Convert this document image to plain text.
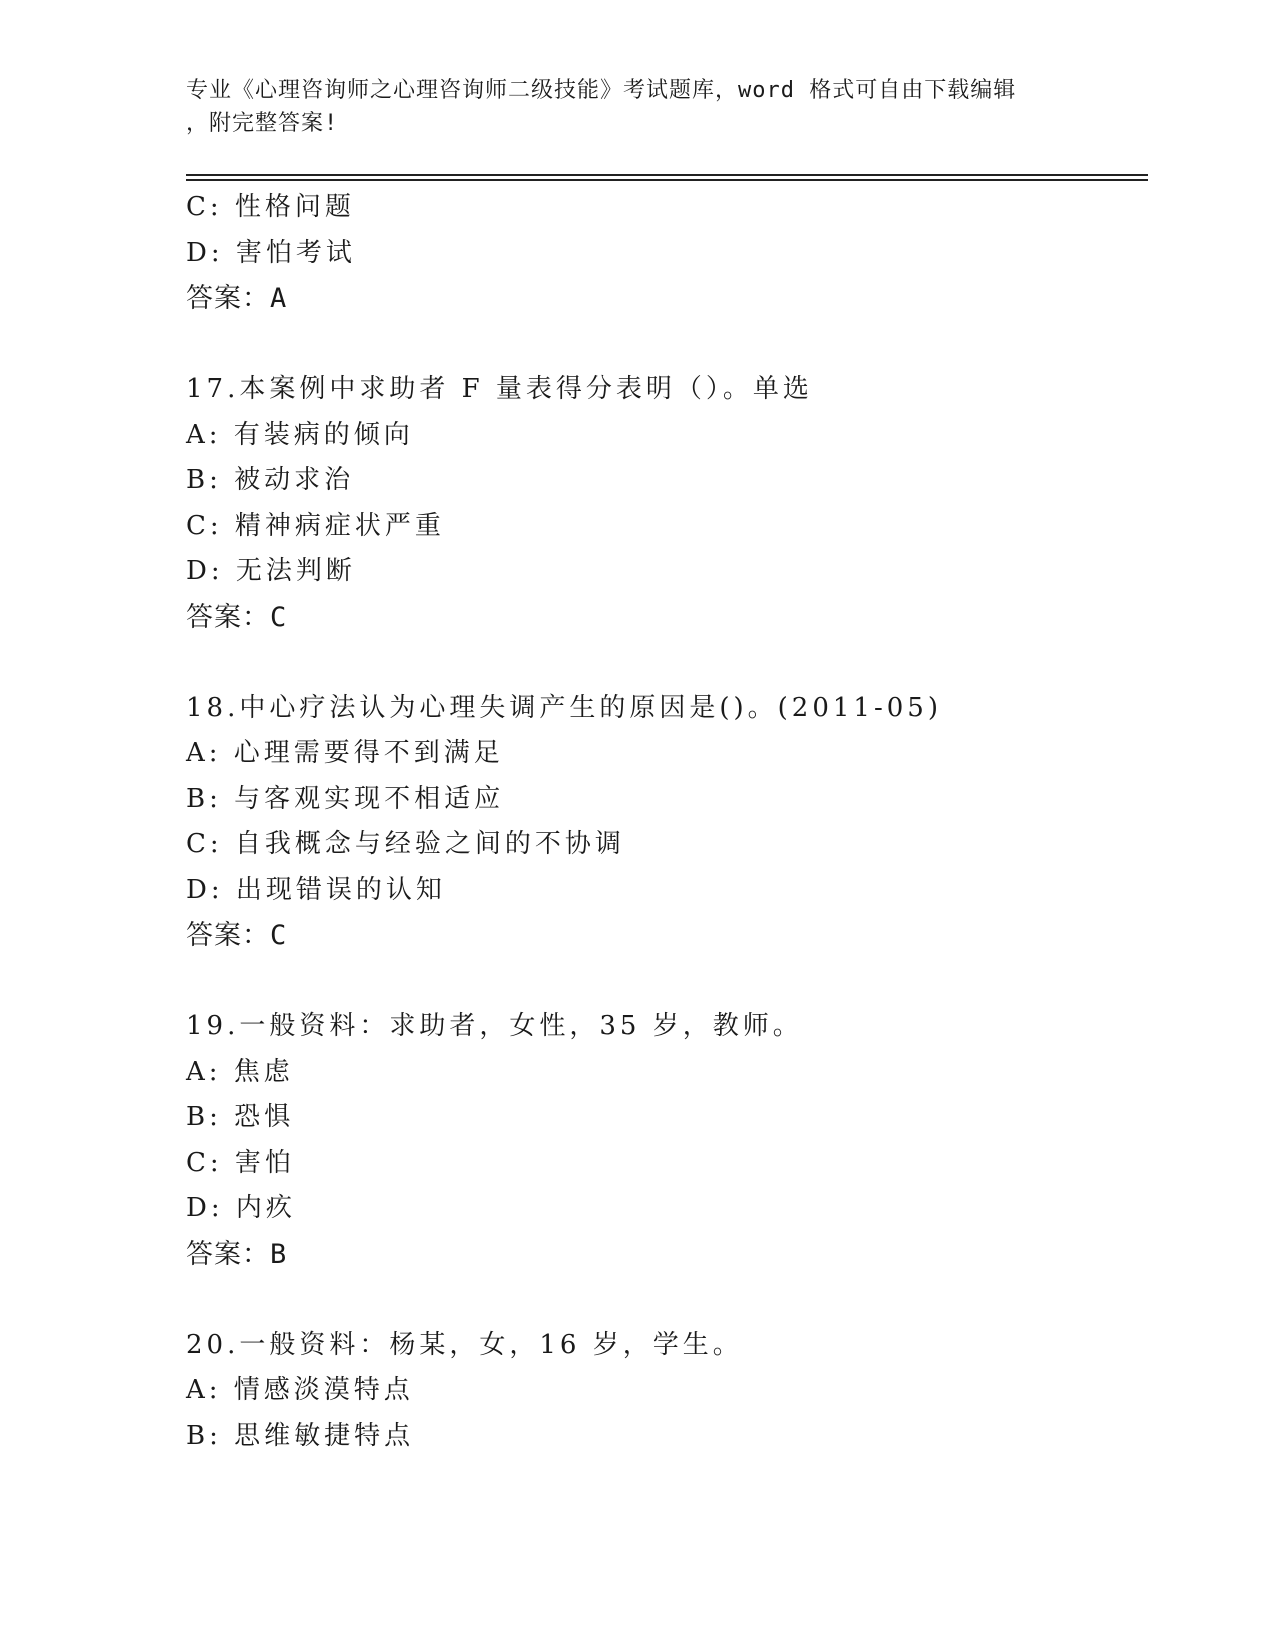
专业《心理咨询师之心理咨询师二级技能》考试题库，word 格式可自由下载编辑
，附完整答案!
C: 性格问题
D: 害怕考试
答案：A
17.本案例中求助者 F 量表得分表明（）。单选
A: 有装病的倾向
B: 被动求治
C: 精神病症状严重
D: 无法判断
答案：C
18.中心疗法认为心理失调产生的原因是()。(2011-05)
A: 心理需要得不到满足
B: 与客观实现不相适应
C: 自我概念与经验之间的不协调
D: 出现错误的认知
答案：C
19.一般资料：求助者，女性，35 岁，教师。
A: 焦虑
B: 恐惧
C: 害怕
D: 内疚
答案：B
20.一般资料：杨某，女，16 岁，学生。
A: 情感淡漠特点
B: 思维敏捷特点
